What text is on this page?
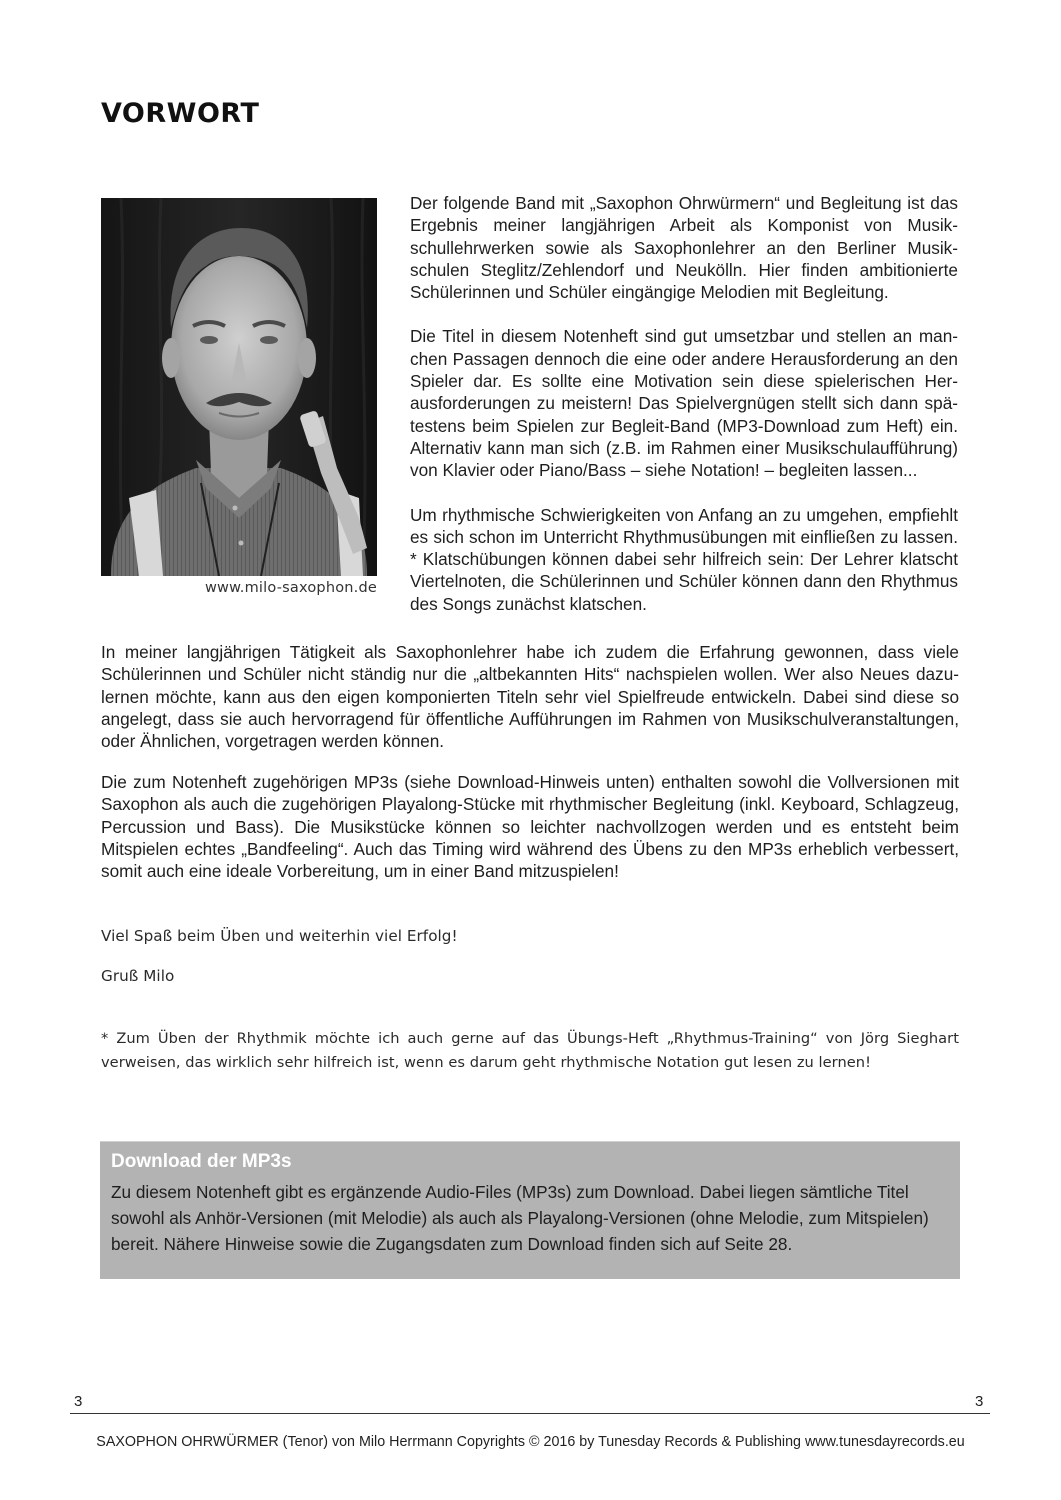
VORWORT
www.milo-saxophon.de

Der folgende Band mit „Saxophon Ohrwürmern“ und Begleitung ist das Ergebnis meiner langjährigen Arbeit als Komponist von Musikschullehrwerken sowie als Saxophonlehrer an den Berliner Musikschulen Steglitz/Zehlendorf und Neukölln. Hier finden ambitionierte Schülerinnen und Schüler eingängige Melodien mit Begleitung.

Die Titel in diesem Notenheft sind gut umsetzbar und stellen an manchen Passagen dennoch die eine oder andere Herausforderung an den Spieler dar. Es sollte eine Motivation sein diese spielerischen Herausforderungen zu meistern! Das Spielvergnügen stellt sich dann spätestens beim Spielen zur Begleit-Band (MP3-Download zum Heft) ein. Alternativ kann man sich (z.B. im Rahmen einer Musikschulaufführung) von Klavier oder Piano/Bass – siehe Notation! – begleiten lassen...

Um rhythmische Schwierigkeiten von Anfang an zu umgehen, empfiehlt es sich schon im Unterricht Rhythmusübungen mit einfließen zu lassen. * Klatschübungen können dabei sehr hilfreich sein: Der Lehrer klatscht Viertelnoten, die Schülerinnen und Schüler können dann den Rhythmus des Songs zunächst klatschen.

In meiner langjährigen Tätigkeit als Saxophonlehrer habe ich zudem die Erfahrung gewonnen, dass viele Schülerinnen und Schüler nicht ständig nur die „altbekannten Hits“ nachspielen wollen. Wer also Neues dazulernen möchte, kann aus den eigen komponierten Titeln sehr viel Spielfreude entwickeln. Dabei sind diese so angelegt, dass sie auch hervorragend für öffentliche Aufführungen im Rahmen von Musikschulveranstaltungen, oder Ähnlichen, vorgetragen werden können.

Die zum Notenheft zugehörigen MP3s (siehe Download-Hinweis unten) enthalten sowohl die Vollversionen mit Saxophon als auch die zugehörigen Playalong-Stücke mit rhythmischer Begleitung (inkl. Keyboard, Schlagzeug, Percussion und Bass). Die Musikstücke können so leichter nachvollzogen werden und es entsteht beim Mitspielen echtes „Bandfeeling“. Auch das Timing wird während des Übens zu den MP3s erheblich verbessert, somit auch eine ideale Vorbereitung, um in einer Band mitzuspielen!

Viel Spaß beim Üben und weiterhin viel Erfolg!
Gruß Milo
* Zum Üben der Rhythmik möchte ich auch gerne auf das Übungs-Heft „Rhythmus-Training“ von Jörg Sieghart verweisen, das wirklich sehr hilfreich ist, wenn es darum geht rhythmische Notation gut lesen zu lernen!
Download der MP3s

Zu diesem Notenheft gibt es ergänzende Audio-Files (MP3s) zum Download. Dabei liegen sämtliche Titel sowohl als Anhör-Versionen (mit Melodie) als auch als Playalong-Versionen (ohne Melodie, zum Mitspielen) bereit. Nähere Hinweise sowie die Zugangsdaten zum Download finden sich auf Seite 28.

3	3
SAXOPHON OHRWÜRMER (Tenor) von Milo Herrmann Copyrights © 2016 by Tunesday Records & Publishing www.tunesdayrecords.eu
